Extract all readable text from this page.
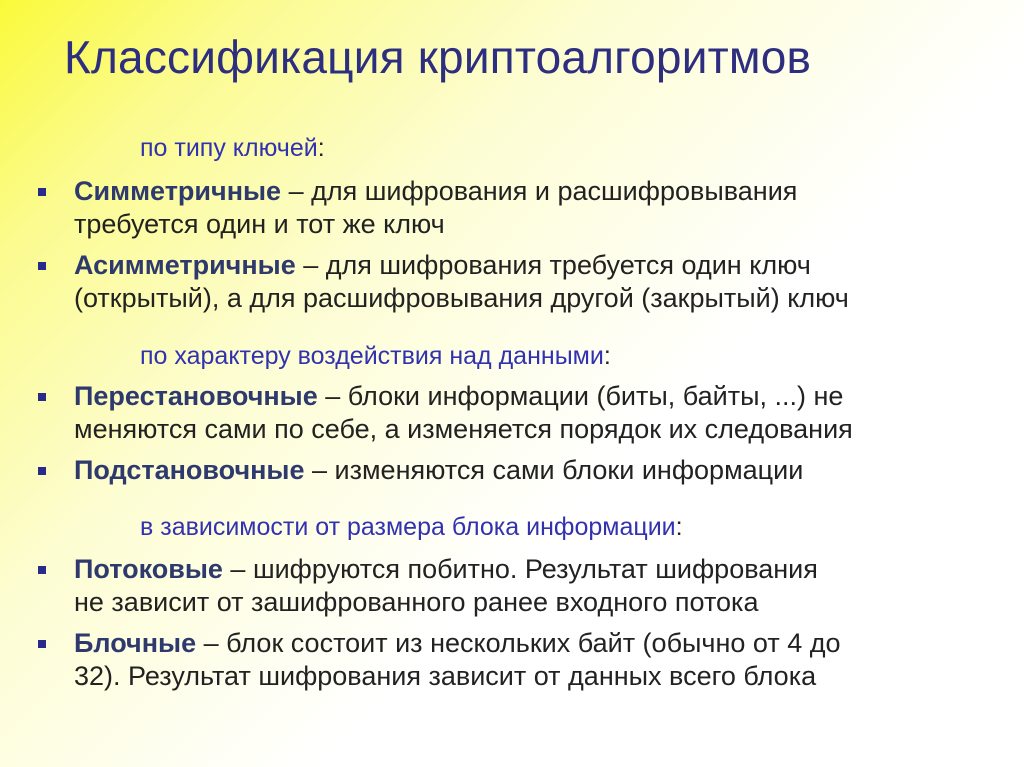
Классификация криптоалгоритмов
по типу ключей:
Симметричные – для шифрования и расшифровывания
требуется один и тот же ключ
Асимметричные – для шифрования требуется один ключ
(открытый), а для расшифровывания другой (закрытый) ключ
по характеру воздействия над данными:
Перестановочные – блоки информации (биты, байты, ...) не
меняются сами по себе, а изменяется порядок их следования
Подстановочные – изменяются сами блоки информации
в зависимости от размера блока информации:
Потоковые – шифруются побитно. Результат шифрования
не зависит от зашифрованного ранее входного потока
Блочные – блок состоит из нескольких байт (обычно от 4 до
32). Результат шифрования зависит от данных всего блока
